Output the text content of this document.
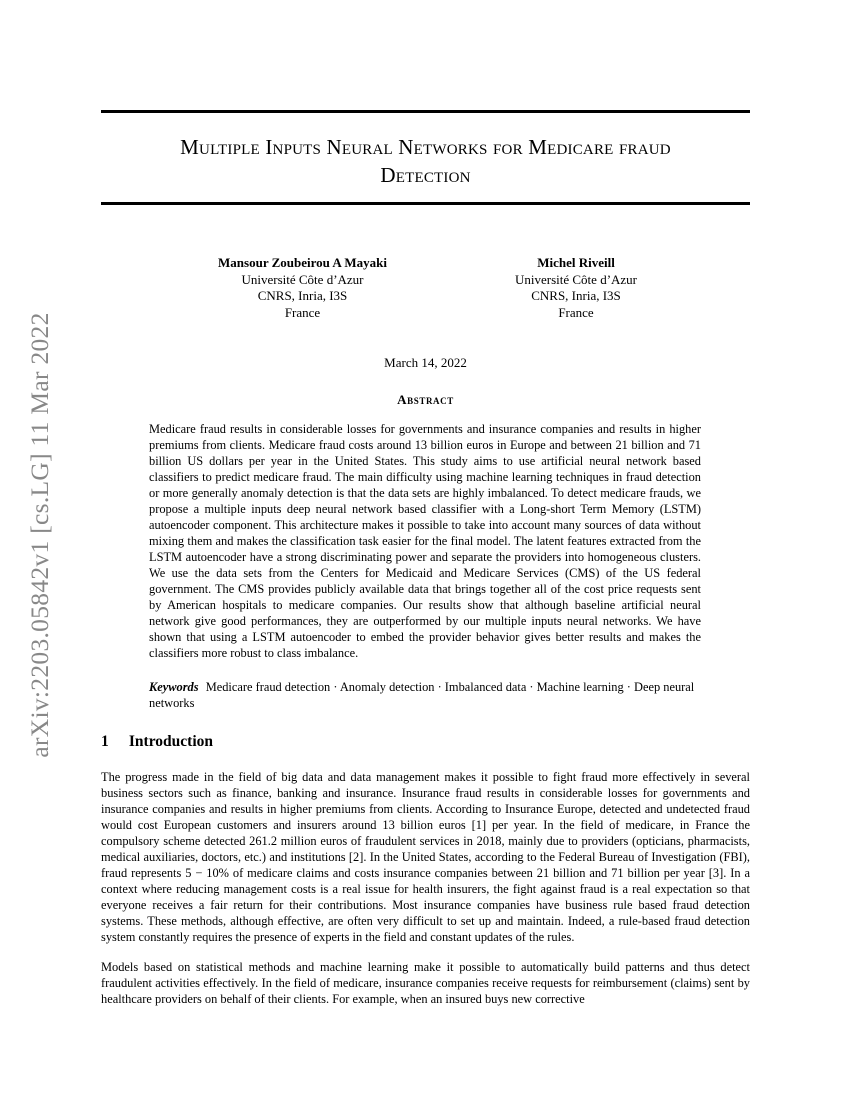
arXiv:2203.05842v1 [cs.LG] 11 Mar 2022
Multiple Inputs Neural Networks for Medicare fraud
Detection
Mansour Zoubeirou A Mayaki
Université Côte d’Azur
CNRS, Inria, I3S
France
Michel Riveill
Université Côte d’Azur
CNRS, Inria, I3S
France
March 14, 2022
Abstract
Medicare fraud results in considerable losses for governments and insurance companies and results in higher premiums from clients. Medicare fraud costs around 13 billion euros in Europe and between 21 billion and 71 billion US dollars per year in the United States. This study aims to use artificial neural network based classifiers to predict medicare fraud. The main difficulty using machine learning techniques in fraud detection or more generally anomaly detection is that the data sets are highly imbalanced. To detect medicare frauds, we propose a multiple inputs deep neural network based classifier with a Long-short Term Memory (LSTM) autoencoder component. This architecture makes it possible to take into account many sources of data without mixing them and makes the classification task easier for the final model. The latent features extracted from the LSTM autoencoder have a strong discriminating power and separate the providers into homogeneous clusters. We use the data sets from the Centers for Medicaid and Medicare Services (CMS) of the US federal government. The CMS provides publicly available data that brings together all of the cost price requests sent by American hospitals to medicare companies. Our results show that although baseline artificial neural network give good performances, they are outperformed by our multiple inputs neural networks. We have shown that using a LSTM autoencoder to embed the provider behavior gives better results and makes the classifiers more robust to class imbalance.
Keywords Medicare fraud detection · Anomaly detection · Imbalanced data · Machine learning · Deep neural networks
1 Introduction
The progress made in the field of big data and data management makes it possible to fight fraud more effectively in several business sectors such as finance, banking and insurance. Insurance fraud results in considerable losses for governments and insurance companies and results in higher premiums from clients. According to Insurance Europe, detected and undetected fraud would cost European customers and insurers around 13 billion euros [1] per year. In the field of medicare, in France the compulsory scheme detected 261.2 million euros of fraudulent services in 2018, mainly due to providers (opticians, pharmacists, medical auxiliaries, doctors, etc.) and institutions [2]. In the United States, according to the Federal Bureau of Investigation (FBI), fraud represents 5 − 10% of medicare claims and costs insurance companies between 21 billion and 71 billion per year [3]. In a context where reducing management costs is a real issue for health insurers, the fight against fraud is a real expectation so that everyone receives a fair return for their contributions. Most insurance companies have business rule based fraud detection systems. These methods, although effective, are often very difficult to set up and maintain. Indeed, a rule-based fraud detection system constantly requires the presence of experts in the field and constant updates of the rules.
Models based on statistical methods and machine learning make it possible to automatically build patterns and thus detect fraudulent activities effectively. In the field of medicare, insurance companies receive requests for reimbursement (claims) sent by healthcare providers on behalf of their clients. For example, when an insured buys new corrective
